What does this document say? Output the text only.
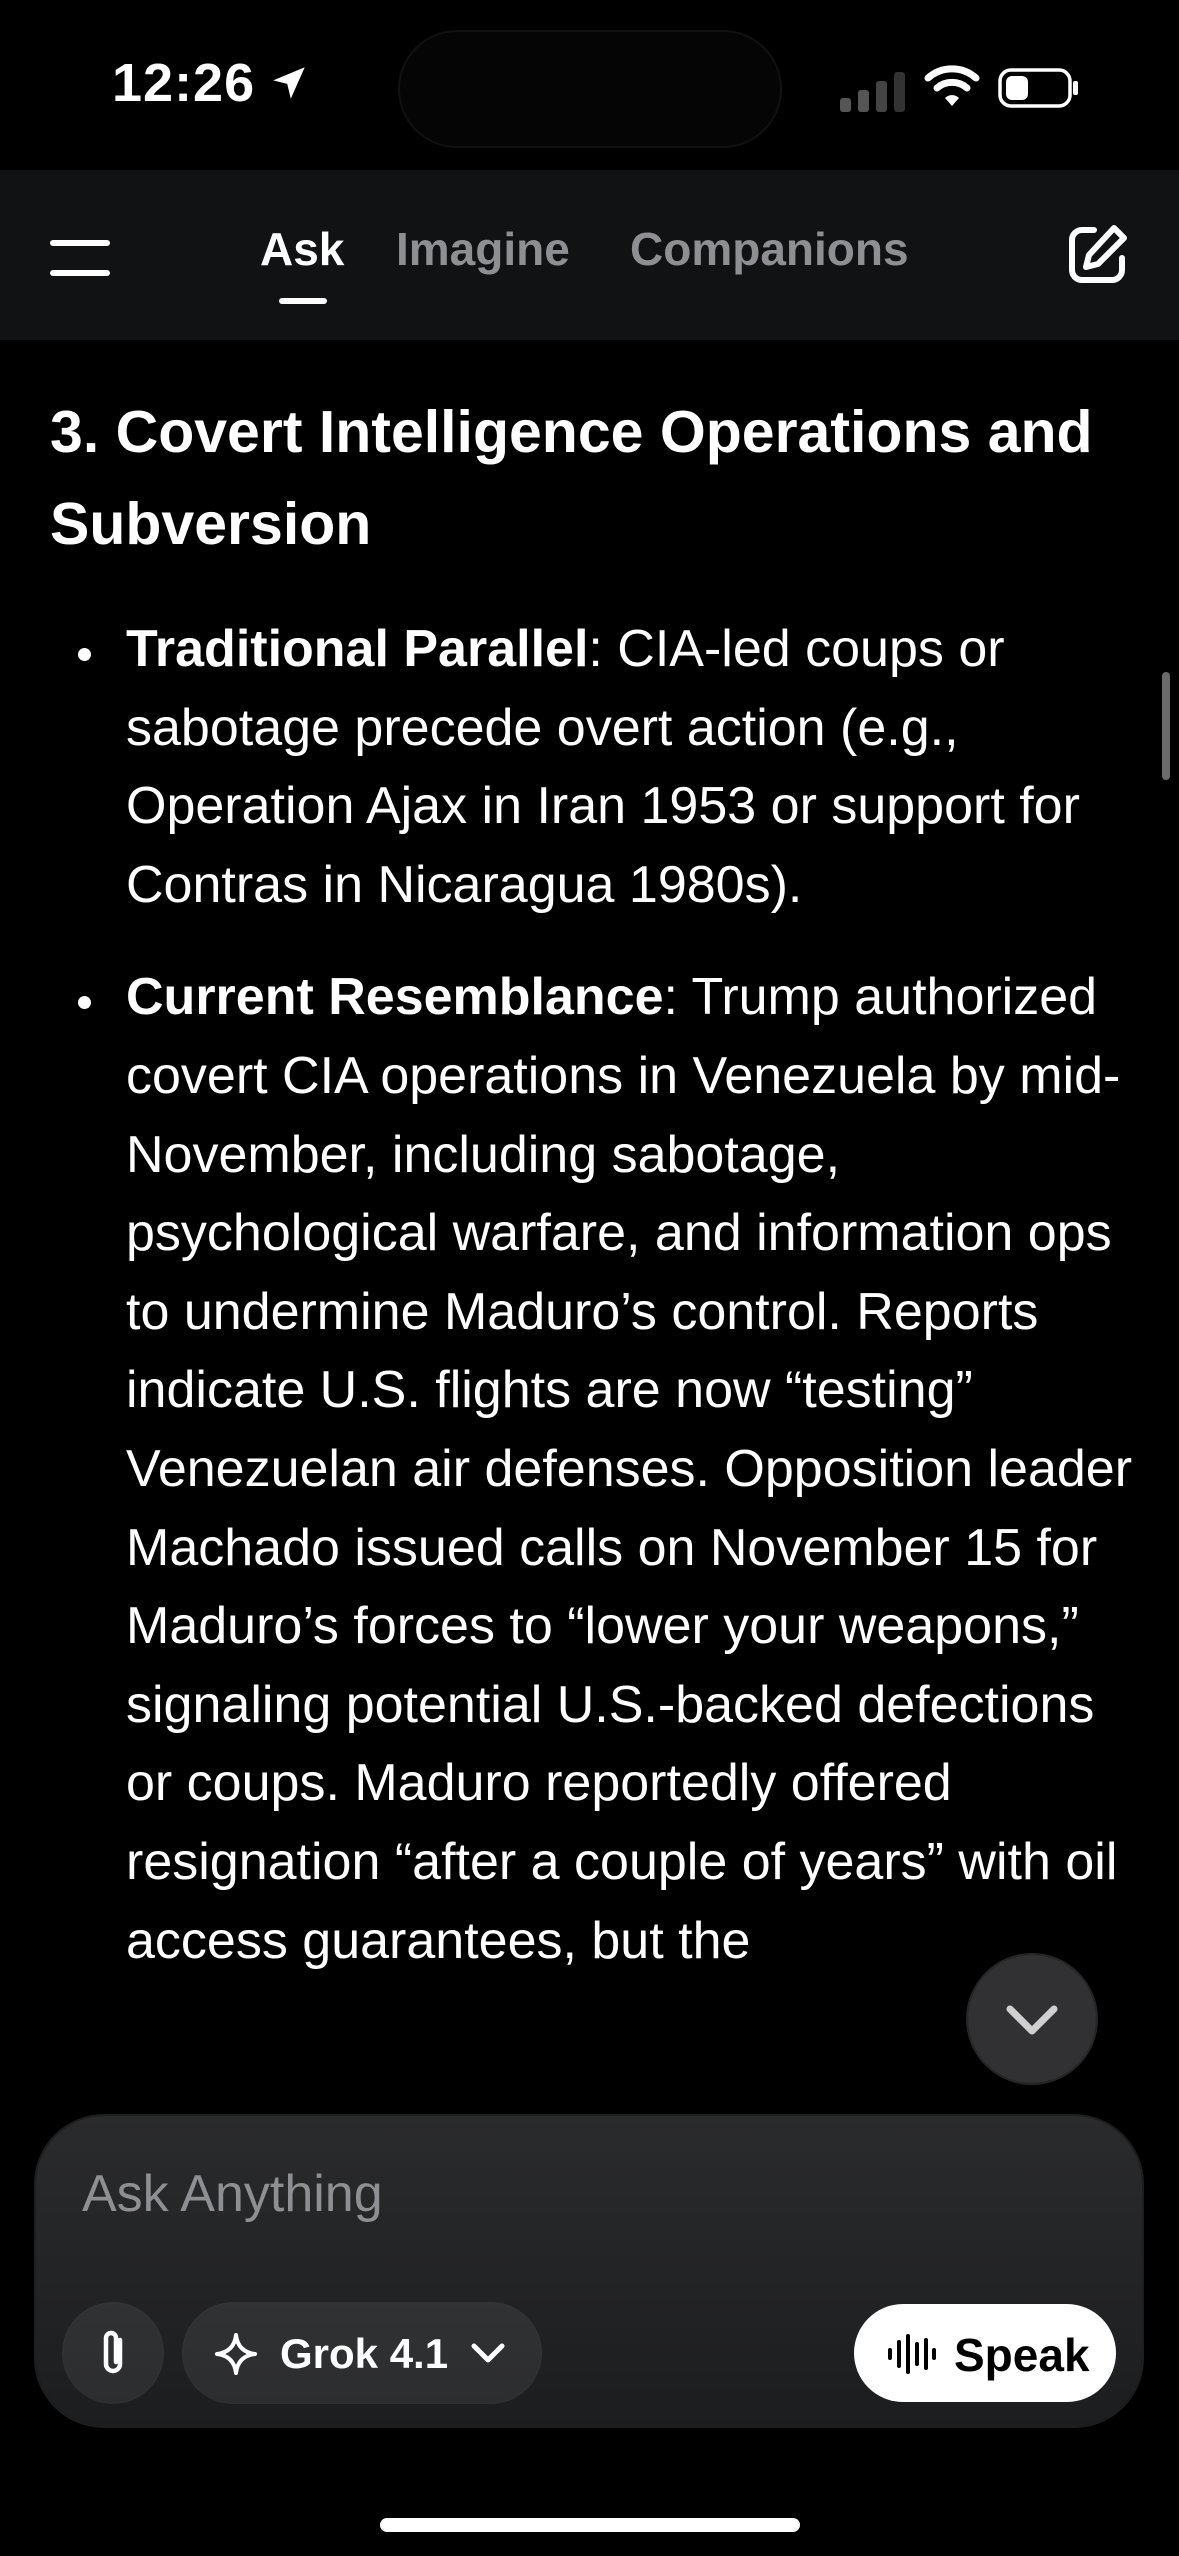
12:26
Ask Imagine Companions
3. Covert Intelligence Operations and Subversion
Traditional Parallel: CIA-led coups or sabotage precede overt action (e.g., Operation Ajax in Iran 1953 or support for Contras in Nicaragua 1980s).
Current Resemblance: Trump authorized covert CIA operations in Venezuela by mid-November, including sabotage, psychological warfare, and information ops to undermine Maduro’s control. Reports indicate U.S. flights are now “testing” Venezuelan air defenses. Opposition leader Machado issued calls on November 15 for Maduro’s forces to “lower your weapons,” signaling potential U.S.-backed defections or coups. Maduro reportedly offered resignation “after a couple of years” with oil access guarantees, but the
Ask Anything
Grok 4.1	Speak
